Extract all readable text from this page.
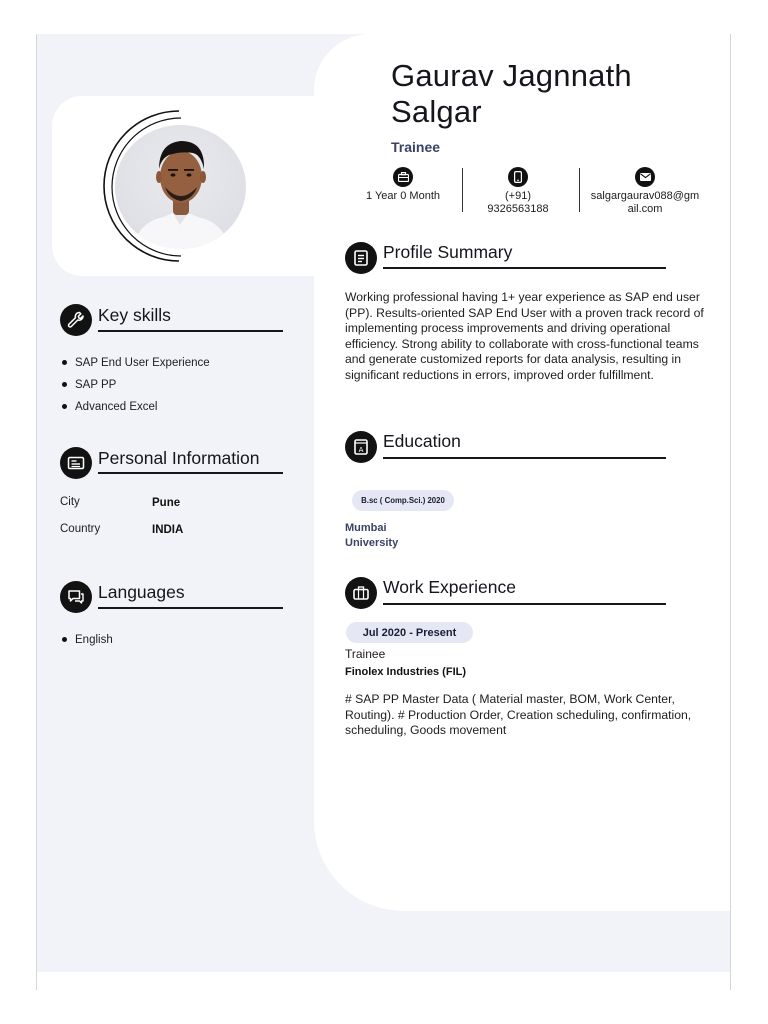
Gaurav Jagnnath Salgar
Trainee
1 Year 0 Month	(+91) 9326563188
salgargaurav088@gmail.com
Profile Summary
Working professional having 1+ year experience as SAP end user (PP). Results-oriented SAP End User with a proven track record of implementing process improvements and driving operational efficiency. Strong ability to collaborate with cross-functional teams and generate customized reports for data analysis, resulting in significant reductions in errors, improved order fulfillment.
A Education
B.sc ( Comp.Sci.) 2020
Mumbai University
Work Experience
Jul 2020 - Present
Trainee
Finolex Industries (FIL)
# SAP PP Master Data ( Material master, BOM, Work Center, Routing). # Production Order, Creation scheduling, confirmation, scheduling, Goods movement
Key skills
SAP End User Experience
SAP PP
Advanced Excel
Personal Information
City	Pune
Country	INDIA
Languages
English
